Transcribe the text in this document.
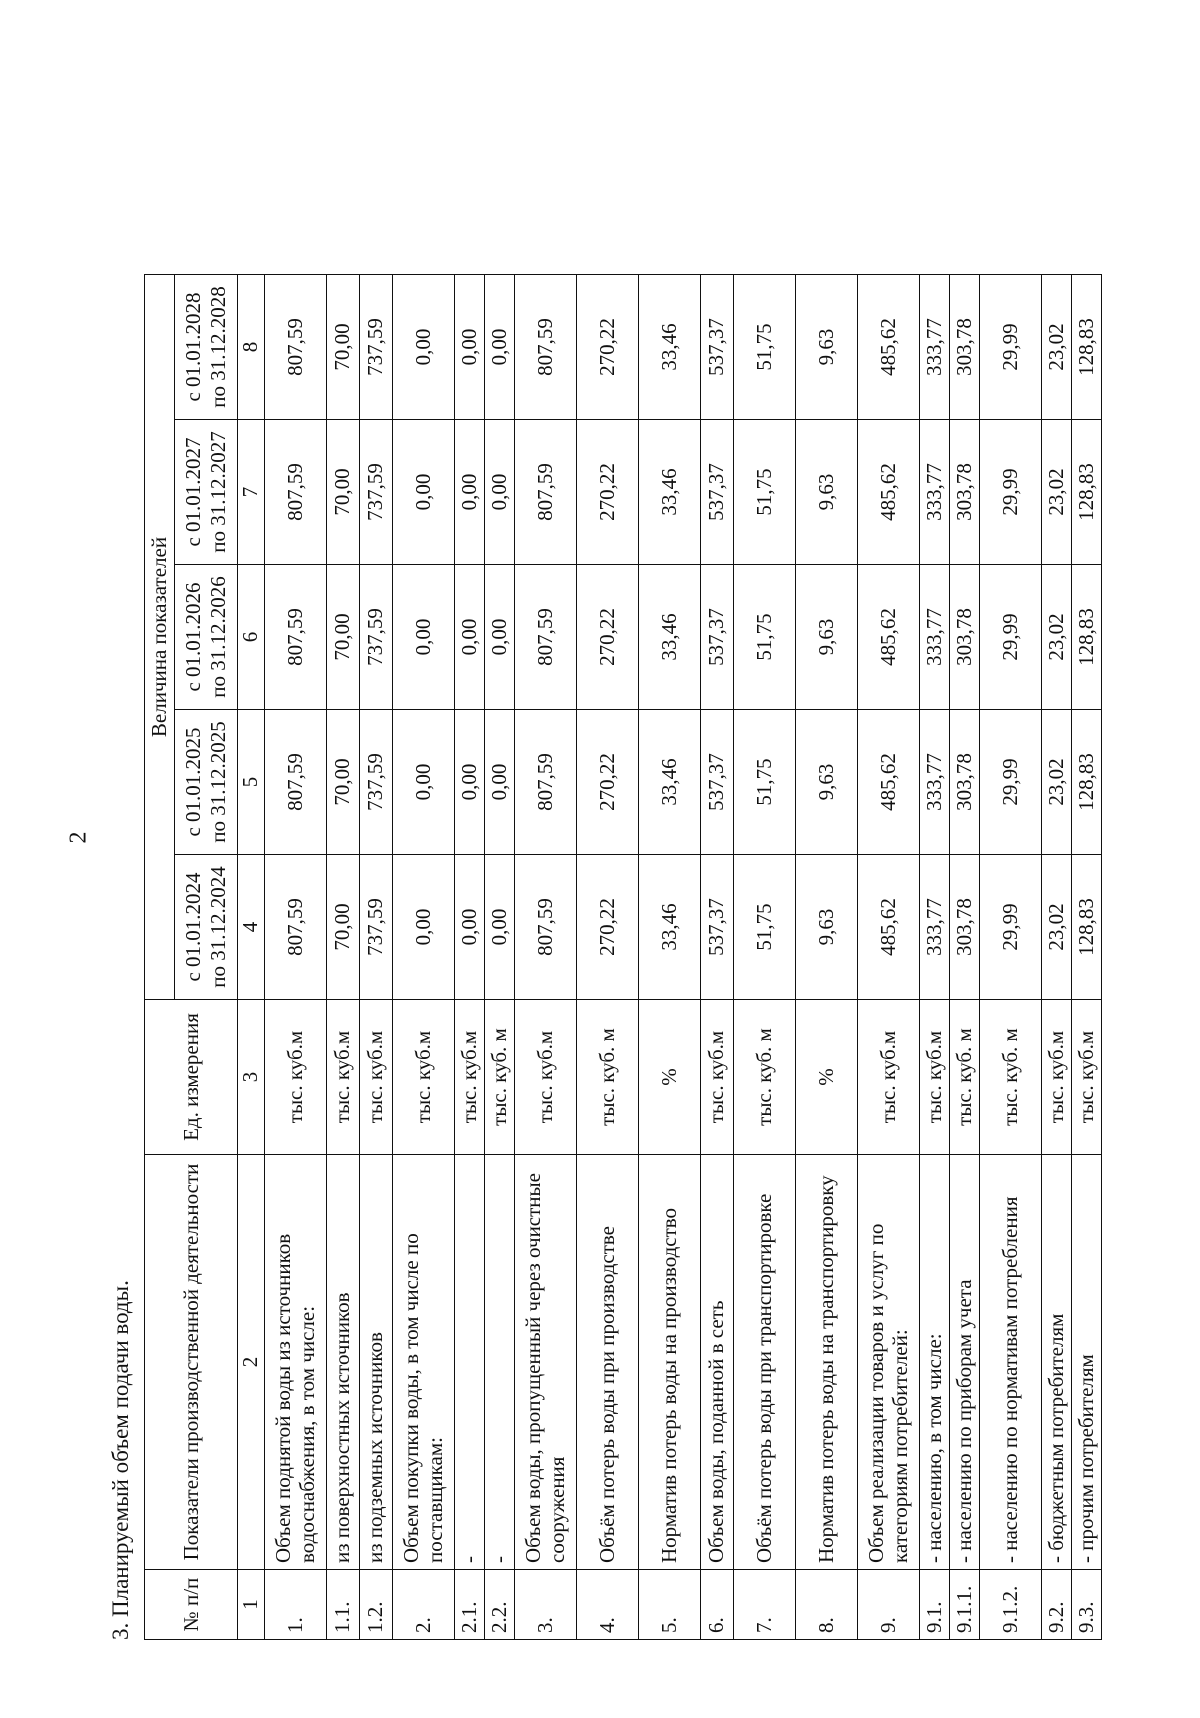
2
3. Планируемый объем подачи воды. № п/п	Показатели производственной деятельности	Ед. измерения	Величина показателей				
			с 01.01.2024 по 31.12.2024	с 01.01.2025 по 31.12.2025	с 01.01.2026 по 31.12.2026	с 01.01.2027 по 31.12.2027	с 01.01.2028 по 31.12.2028
1	2	3	4	5	6	7	8
1.	Объем поднятой воды из источников водоснабжения, в том числе:	тыс. куб.м	807,59	807,59	807,59	807,59	807,59
1.1.	из поверхностных источников	тыс. куб.м	70,00	70,00	70,00	70,00	70,00
1.2.	из подземных источников	тыс. куб.м	737,59	737,59	737,59	737,59	737,59
2.	Объем покупки воды, в том числе по поставщикам:	тыс. куб.м	0,00	0,00	0,00	0,00	0,00
2.1.	-	тыс. куб.м	0,00	0,00	0,00	0,00	0,00
2.2.	-	тыс. куб. м	0,00	0,00	0,00	0,00	0,00
3.	Объем воды, пропущенный через очистные сооружения	тыс. куб.м	807,59	807,59	807,59	807,59	807,59
4.	Объём потерь воды при производстве	тыс. куб. м	270,22	270,22	270,22	270,22	270,22
5.	Норматив потерь воды на производство	%	33,46	33,46	33,46	33,46	33,46
6.	Объем воды, поданной в сеть	тыс. куб.м	537,37	537,37	537,37	537,37	537,37
7.	Объём потерь воды при транспортировке	тыс. куб. м	51,75	51,75	51,75	51,75	51,75
8.	Норматив потерь воды на транспортировку	%	9,63	9,63	9,63	9,63	9,63
9.	Объем реализации товаров и услуг по категориям потребителей:	тыс. куб.м	485,62	485,62	485,62	485,62	485,62
9.1.	- населению, в том числе:	тыс. куб.м	333,77	333,77	333,77	333,77	333,77
9.1.1.	- населению по приборам учета	тыс. куб. м	303,78	303,78	303,78	303,78	303,78
9.1.2.	- населению по нормативам потребления	тыс. куб. м	29,99	29,99	29,99	29,99	29,99
9.2.	- бюджетным потребителям	тыс. куб.м	23,02	23,02	23,02	23,02	23,02
9.3.	- прочим потребителям	тыс. куб.м	128,83	128,83	128,83	128,83	128,83
